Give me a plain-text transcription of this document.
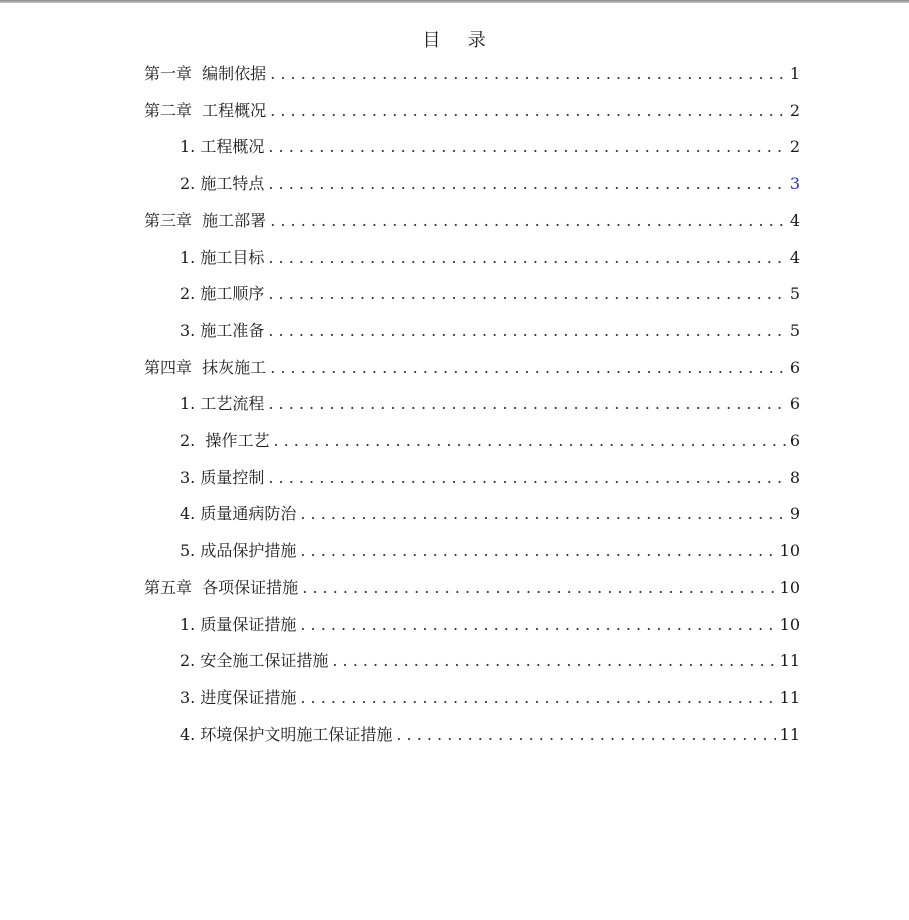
目 录
第一章  编制依据 . . .	1
第二章  工程概况 . . .	2
1. 工程概况 . . .	2
2. 施工特点 . . .	3
第三章  施工部署 . . .	4
1. 施工目标 . . .	4
2. 施工顺序 . . .	5
3. 施工准备 . . .	5
第四章  抹灰施工 . . .	6
1. 工艺流程 . . .	6
2.  操作工艺 . . .	6
3. 质量控制 . . .	8
4. 质量通病防治 . . .	9
5. 成品保护措施 . . .	10
第五章  各项保证措施 . . .	10
1. 质量保证措施 . . .	10
2. 安全施工保证措施 . . .	11
3. 进度保证措施 . . .	11
4. 环境保护文明施工保证措施 . . .	11
